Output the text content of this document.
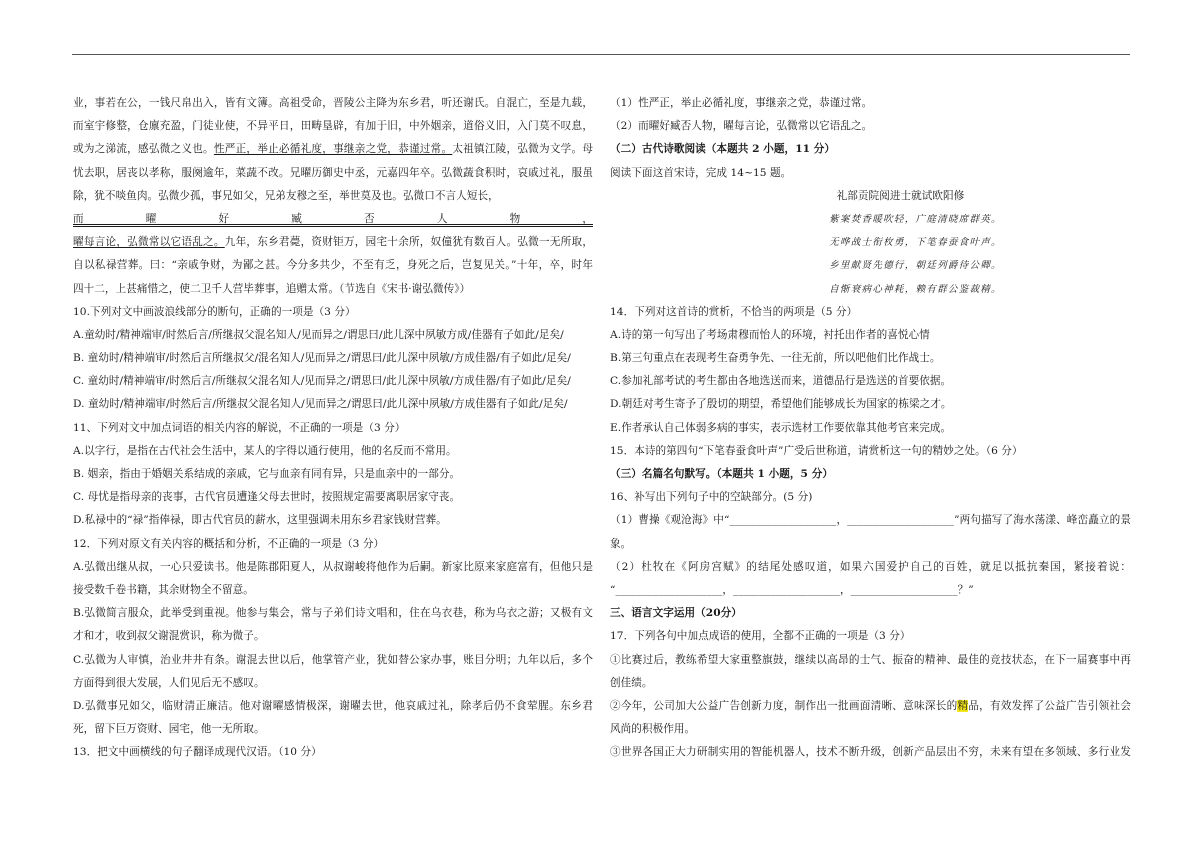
业，事若在公，一钱尺帛出入，皆有文簿。高祖受命，晋陵公主降为东乡君，听还谢氏。自混亡，至是九载，
而室宇修整，仓廪充盈，门徒业使，不异平日，田畴垦辟，有加于旧，中外姻亲，道俗义旧，入门莫不叹息，
或为之涕流，感弘微之义也。性严正，举止必循礼度，事继亲之党，恭谨过常。太祖镇江陵，弘微为文学。母
忧去职，居丧以孝称，服阕逾年，菜蔬不改。兄曜历御史中丞，元嘉四年卒。弘微蔬食积时，哀戚过礼，服虽
除，犹不啖鱼肉。弘微少孤，事兄如父，兄弟友穆之至，举世莫及也。弘微口不言人短长，
而曜好臧否人物，
曜每言论，弘微常以它语乱之。九年，东乡君薨，资财钜万，园宅十余所，奴僮犹有数百人。弘微一无所取，
自以私禄营葬。曰：“亲戚争财，为鄙之甚。今分多共少，不至有乏，身死之后，岂复见关。”十年，卒，时年
四十二，上甚痛惜之，使二卫千人营毕葬事，追赠太常。（节选自《宋书·谢弘微传》）
10.下列对文中画波浪线部分的断句，正确的一项是（3 分）
A.童幼时/精神端审/时然后言/所继叔父混名知人/见而异之/谓思曰/此儿深中夙敏方成/佳器有子如此/足矣/
B. 童幼时/精神端审/时然后言所继叔父/混名知人/见而异之/谓思曰/此儿深中夙敏/方成佳器/有子如此/足矣/
C. 童幼时/精神端审/时然后言/所继叔父混名知人/见而异之/谓思曰/此儿深中夙敏/方成佳器/有子如此/足矣/
D. 童幼时/精神端审/时然后言/所继叔父混名知人/见而异之/谓思曰/此儿深中夙敏/方成佳器有子如此/足矣/
11、下列对文中加点词语的相关内容的解说，不正确的一项是（3 分）
A.以字行，是指在古代社会生活中，某人的字得以通行使用，他的名反而不常用。
B. 姻亲，指由于婚姻关系结成的亲戚，它与血亲有同有异，只是血亲中的一部分。
C. 母忧是指母亲的丧事，古代官员遭逢父母去世时，按照规定需要离职居家守丧。
D.私禄中的“禄”指俸禄，即古代官员的薪水，这里强调未用东乡君家钱财营葬。
12．下列对原文有关内容的概括和分析，不正确的一项是（3 分）
A.弘微出继从叔，一心只爱读书。他是陈郡阳夏人，从叔谢峻将他作为后嗣。新家比原来家庭富有，但他只是
接受数千卷书籍，其余财物全不留意。
B.弘微简言服众，此举受到重视。他参与集会，常与子弟们诗文唱和，住在乌衣巷，称为乌衣之游；又极有文
才和才，收到叔父谢混赏识，称为微子。
C.弘微为人审慎，治业井井有条。谢混去世以后，他掌管产业，犹如替公家办事，账目分明；九年以后，多个
方面得到很大发展，人们见后无不感叹。
D.弘微事兄如父，临财清正廉洁。他对谢曜感情极深，谢曜去世，他哀戚过礼，除孝后仍不食荤腥。东乡君
死，留下巨万资财、园宅，他一无所取。
13．把文中画横线的句子翻译成现代汉语。（10 分）
（1）性严正，举止必循礼度，事继亲之党，恭谨过常。
（2）而曜好臧否人物，曜每言论，弘微常以它语乱之。
（二）古代诗歌阅读（本题共 2 小题，11 分）
阅读下面这首宋诗，完成 14~15 题。
礼部贡院阅进士就试欧阳修
紫案焚香暖吹轻，广庭清晓席群英。
无哗战士衔枚勇，下笔春蚕食叶声。
乡里献贤先德行，朝廷列爵待公卿。
自惭衰病心神耗，赖有群公鉴裁精。
14．下列对这首诗的赏析，不恰当的两项是（5 分）
A.诗的第一句写出了考场肃穆而怡人的环境，衬托出作者的喜悦心情
B.第三句重点在表现考生奋勇争先、一往无前，所以吧他们比作战士。
C.参加礼部考试的考生都由各地选送而来，道德品行是选送的首要依据。
D.朝廷对考生寄予了殷切的期望，希望他们能够成长为国家的栋梁之才。
E.作者承认自己体弱多病的事实，表示选材工作要依靠其他考官来完成。
15．本诗的第四句“下笔春蚕食叶声”广受后世称道，请赏析这一句的精妙之处。（6 分）
（三）名篇名句默写。（本题共 1 小题，5 分）
16、补写出下列句子中的空缺部分。(5 分)
（1）曹操《观沧海》中“____________________，____________________”两句描写了海水荡漾、峰峦矗立的景
象。
（2）杜牧在《阿房宫赋》的结尾处感叹道，如果六国爱护自己的百姓，就足以抵抗秦国，紧接着说：
“____________________，____________________，____________________？”
三、语言文字运用（20分）
17．下列各句中加点成语的使用，全都不正确的一项是（3 分）
①比赛过后，教练希望大家重整旗鼓，继续以高昂的士气、振奋的精神、最佳的竞技状态，在下一届赛事中再
创佳绩。
②今年，公司加大公益广告创新力度，制作出一批画面清晰、意味深长的精品，有效发挥了公益广告引领社会
风尚的积极作用。
③世界各国正大力研制实用的智能机器人，技术不断升级，创新产品层出不穷，未来有望在多领域、多行业发
